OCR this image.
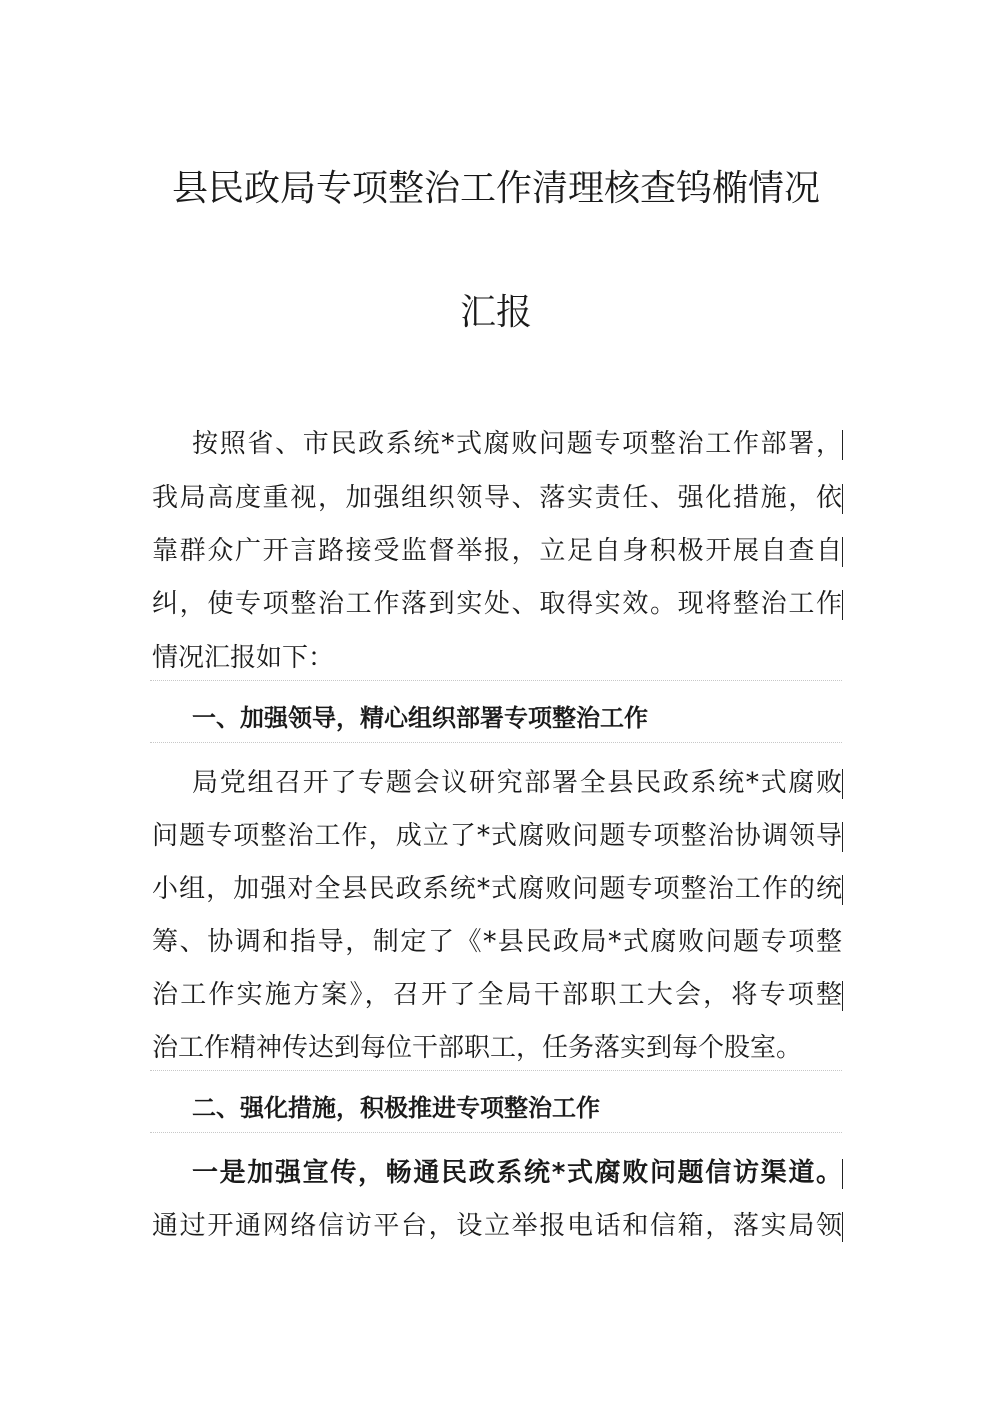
县民政局专项整治工作清理核查钨椭情况
汇报
按照省、市民政系统*式腐败问题专项整治工作部署，
我局高度重视，加强组织领导、落实责任、强化措施，依
靠群众广开言路接受监督举报，立足自身积极开展自查自
纠，使专项整治工作落到实处、取得实效。现将整治工作
情况汇报如下：
一、加强领导，精心组织部署专项整治工作
局党组召开了专题会议研究部署全县民政系统*式腐败
问题专项整治工作，成立了*式腐败问题专项整治协调领导
小组，加强对全县民政系统*式腐败问题专项整治工作的统
筹、协调和指导，制定了《*县民政局*式腐败问题专项整
治工作实施方案》，召开了全局干部职工大会，将专项整
治工作精神传达到每位干部职工，任务落实到每个股室。
二、强化措施，积极推进专项整治工作
一是加强宣传，畅通民政系统*式腐败问题信访渠道。
通过开通网络信访平台，设立举报电话和信箱，落实局领
